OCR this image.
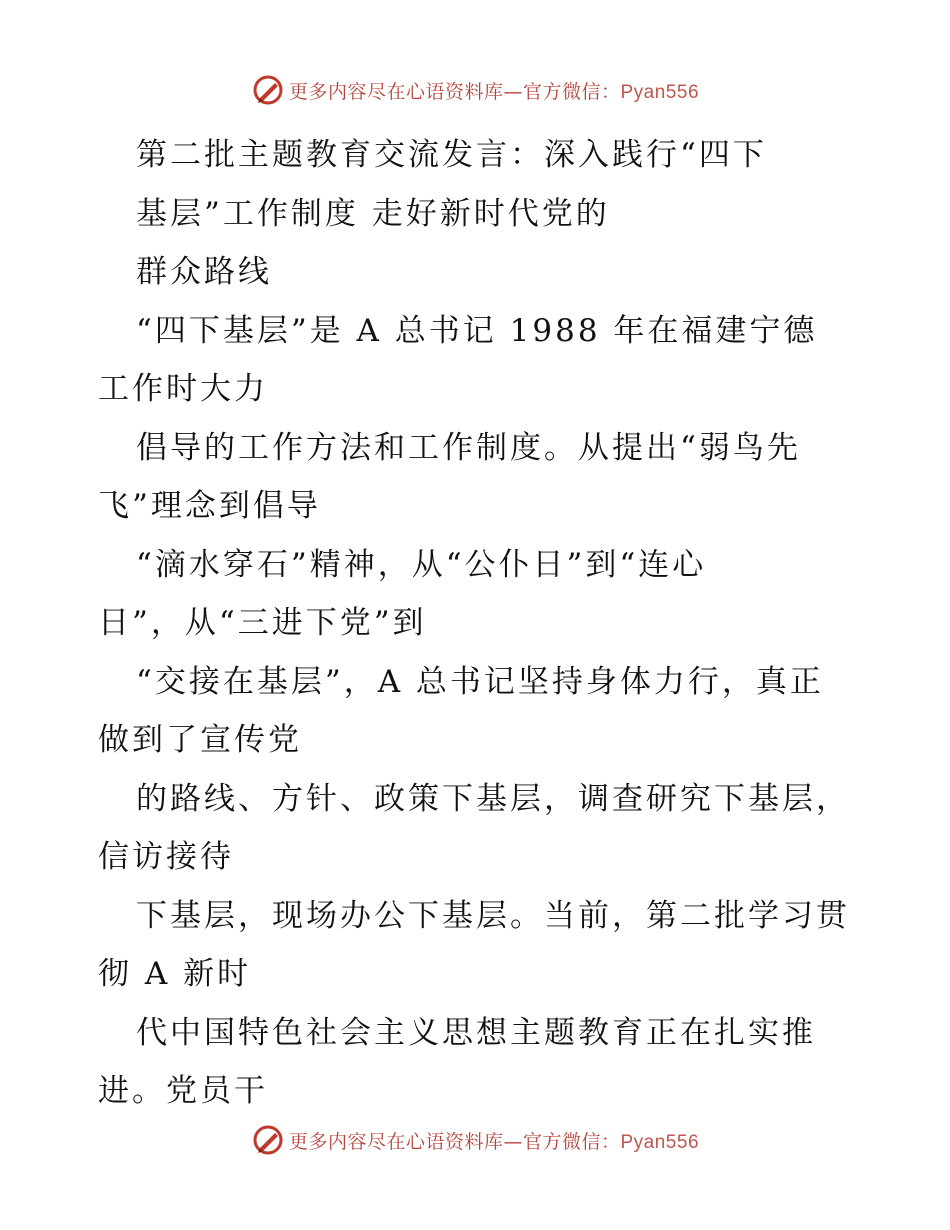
更多内容尽在心语资料库—官方微信：Pyan556
第二批主题教育交流发言：深入践行“四下
基层”工作制度 走好新时代党的
群众路线
“四下基层”是 A 总书记 1988 年在福建宁德
工作时大力
倡导的工作方法和工作制度。从提出“弱鸟先
飞”理念到倡导
“滴水穿石”精神，从“公仆日”到“连心
日”，从“三进下党”到
“交接在基层”，A 总书记坚持身体力行，真正
做到了宣传党
的路线、方针、政策下基层，调查研究下基层，
信访接待
下基层，现场办公下基层。当前，第二批学习贯
彻 A 新时
代中国特色社会主义思想主题教育正在扎实推
进。党员干
更多内容尽在心语资料库—官方微信：Pyan556
